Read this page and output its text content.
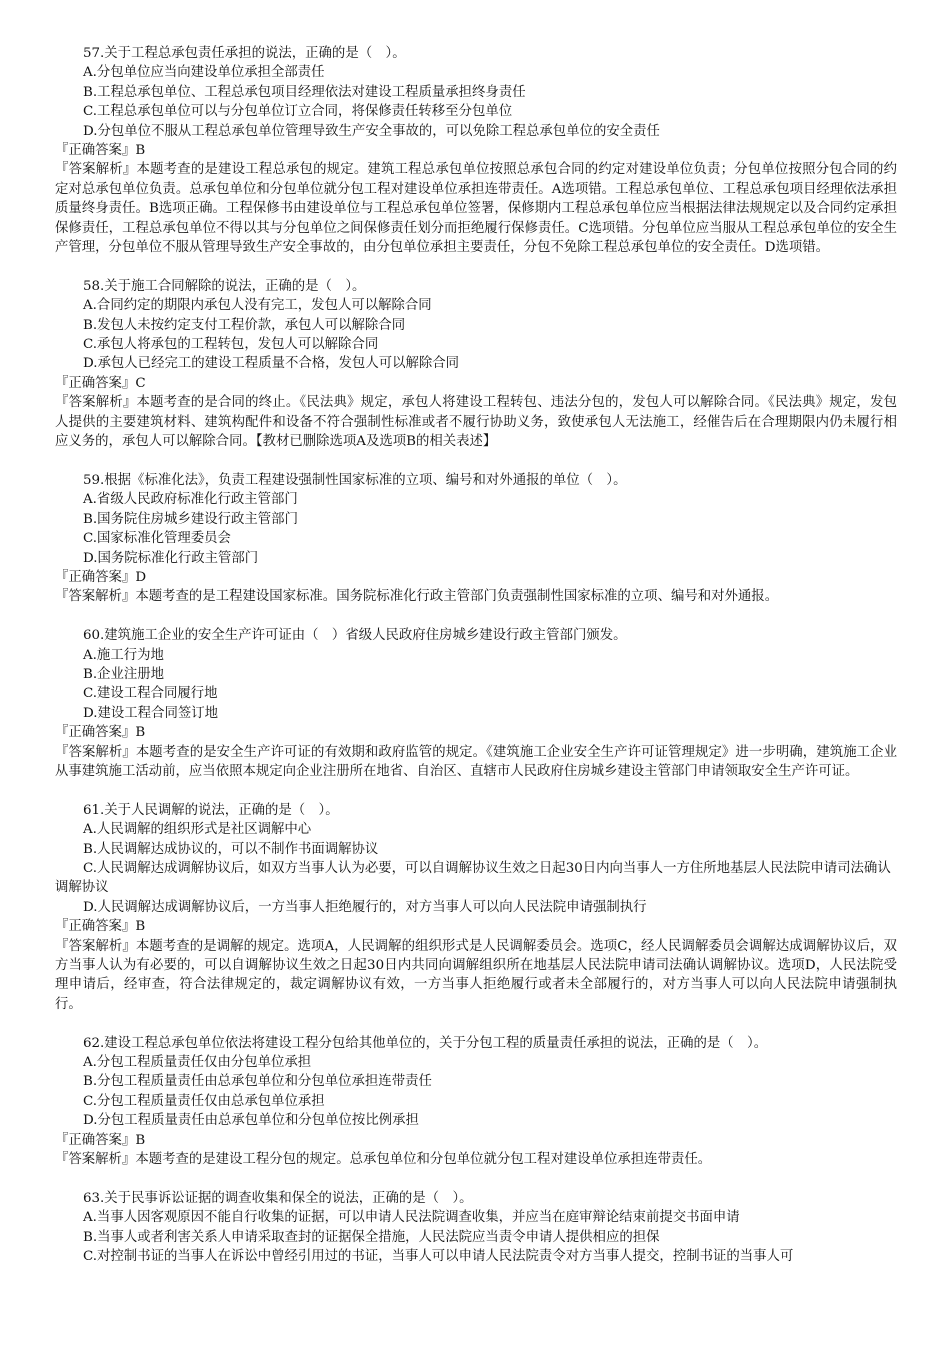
57.关于工程总承包责任承担的说法，正确的是（　）。

A.分包单位应当向建设单位承担全部责任

B.工程总承包单位、工程总承包项目经理依法对建设工程质量承担终身责任

C.工程总承包单位可以与分包单位订立合同，将保修责任转移至分包单位

D.分包单位不服从工程总承包单位管理导致生产安全事故的，可以免除工程总承包单位的安全责任

『正确答案』B

『答案解析』本题考查的是建设工程总承包的规定。建筑工程总承包单位按照总承包合同的约定对建设单位负责；分包单位按照分包合同的约定对总承包单位负责。总承包单位和分包单位就分包工程对建设单位承担连带责任。A选项错。工程总承包单位、工程总承包项目经理依法承担质量终身责任。B选项正确。工程保修书由建设单位与工程总承包单位签署，保修期内工程总承包单位应当根据法律法规规定以及合同约定承担保修责任，工程总承包单位不得以其与分包单位之间保修责任划分而拒绝履行保修责任。C选项错。分包单位应当服从工程总承包单位的安全生产管理，分包单位不服从管理导致生产安全事故的，由分包单位承担主要责任，分包不免除工程总承包单位的安全责任。D选项错。

58.关于施工合同解除的说法，正确的是（　）。

A.合同约定的期限内承包人没有完工，发包人可以解除合同

B.发包人未按约定支付工程价款，承包人可以解除合同

C.承包人将承包的工程转包，发包人可以解除合同

D.承包人已经完工的建设工程质量不合格，发包人可以解除合同

『正确答案』C

『答案解析』本题考查的是合同的终止。《民法典》规定，承包人将建设工程转包、违法分包的，发包人可以解除合同。《民法典》规定，发包人提供的主要建筑材料、建筑构配件和设备不符合强制性标准或者不履行协助义务，致使承包人无法施工，经催告后在合理期限内仍未履行相应义务的，承包人可以解除合同。【教材已删除选项A及选项B的相关表述】

59.根据《标准化法》，负责工程建设强制性国家标准的立项、编号和对外通报的单位（　）。

A.省级人民政府标准化行政主管部门

B.国务院住房城乡建设行政主管部门

C.国家标准化管理委员会

D.国务院标准化行政主管部门

『正确答案』D

『答案解析』本题考查的是工程建设国家标准。国务院标准化行政主管部门负责强制性国家标准的立项、编号和对外通报。

60.建筑施工企业的安全生产许可证由（　）省级人民政府住房城乡建设行政主管部门颁发。

A.施工行为地

B.企业注册地

C.建设工程合同履行地

D.建设工程合同签订地

『正确答案』B

『答案解析』本题考查的是安全生产许可证的有效期和政府监管的规定。《建筑施工企业安全生产许可证管理规定》进一步明确，建筑施工企业从事建筑施工活动前，应当依照本规定向企业注册所在地省、自治区、直辖市人民政府住房城乡建设主管部门申请领取安全生产许可证。

61.关于人民调解的说法，正确的是（　）。

A.人民调解的组织形式是社区调解中心

B.人民调解达成协议的，可以不制作书面调解协议

C.人民调解达成调解协议后，如双方当事人认为必要，可以自调解协议生效之日起30日内向当事人一方住所地基层人民法院申请司法确认调解协议

D.人民调解达成调解协议后，一方当事人拒绝履行的，对方当事人可以向人民法院申请强制执行

『正确答案』B

『答案解析』本题考查的是调解的规定。选项A，人民调解的组织形式是人民调解委员会。选项C，经人民调解委员会调解达成调解协议后，双方当事人认为有必要的，可以自调解协议生效之日起30日内共同向调解组织所在地基层人民法院申请司法确认调解协议。选项D，人民法院受理申请后，经审查，符合法律规定的，裁定调解协议有效，一方当事人拒绝履行或者未全部履行的，对方当事人可以向人民法院申请强制执行。

62.建设工程总承包单位依法将建设工程分包给其他单位的，关于分包工程的质量责任承担的说法，正确的是（　）。

A.分包工程质量责任仅由分包单位承担

B.分包工程质量责任由总承包单位和分包单位承担连带责任

C.分包工程质量责任仅由总承包单位承担

D.分包工程质量责任由总承包单位和分包单位按比例承担

『正确答案』B

『答案解析』本题考查的是建设工程分包的规定。总承包单位和分包单位就分包工程对建设单位承担连带责任。

63.关于民事诉讼证据的调查收集和保全的说法，正确的是（　）。

A.当事人因客观原因不能自行收集的证据，可以申请人民法院调查收集，并应当在庭审辩论结束前提交书面申请

B.当事人或者利害关系人申请采取查封的证据保全措施，人民法院应当责令申请人提供相应的担保

C.对控制书证的当事人在诉讼中曾经引用过的书证，当事人可以申请人民法院责令对方当事人提交，控制书证的当事人可
